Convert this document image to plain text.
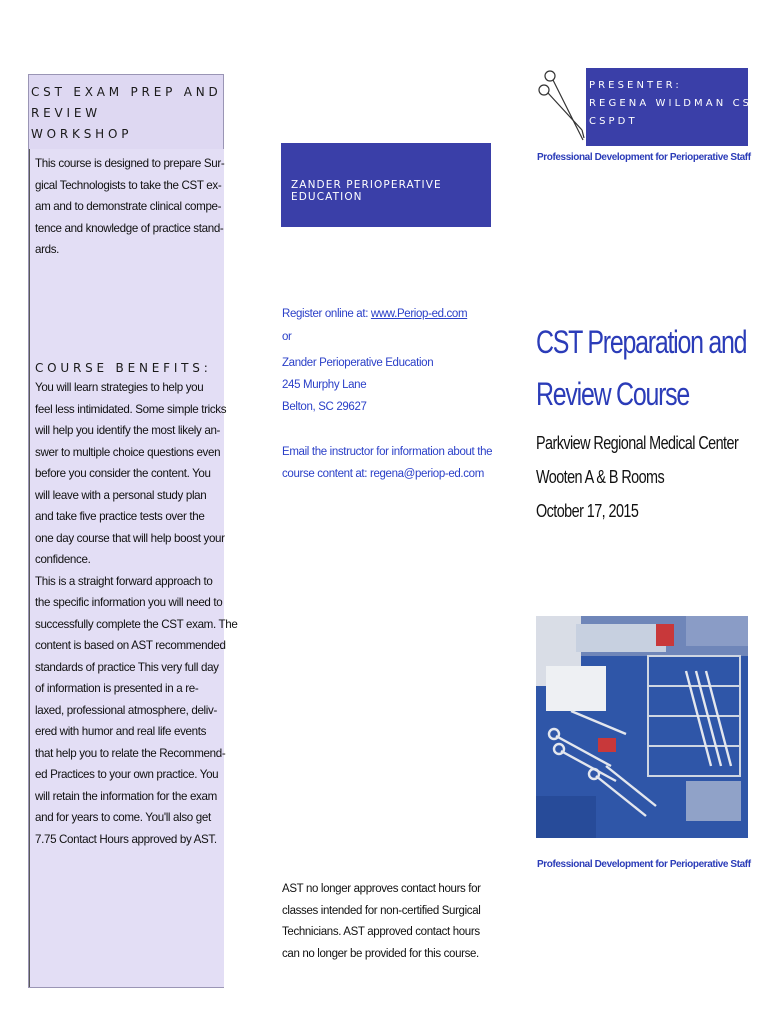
CST EXAM PREP AND
REVIEW
WORKSHOP
This course is designed to prepare Sur-
gical Technologists to take the CST ex-
am and to demonstrate clinical compe-
tence and knowledge of practice stand-
ards.
COURSE BENEFITS:
You will learn strategies to help you
feel less intimidated. Some simple tricks
will help you identify the most likely an-
swer to multiple choice questions even
before you consider the content. You
will leave with a personal study plan
and take five practice tests over the
one day course that will help boost your
confidence.
This is a straight forward approach to
the specific information you will need to
successfully complete the CST exam. The
content is based on AST recommended
standards of practice This very full day
of information is presented in a re-
laxed, professional atmosphere, deliv-
ered with humor and real life events
that help you to relate the Recommend-
ed Practices to your own practice. You
will retain the information for the exam
and for years to come. You'll also get
7.75 Contact Hours approved by AST.
ZANDER PERIOPERATIVE EDUCATION
Register online at: www.Periop-ed.com
or
Zander Perioperative Education
245 Murphy Lane
Belton, SC 29627
Email the instructor for information about the
course content at: regena@periop-ed.com
AST no longer approves contact hours for
classes intended for non-certified Surgical
Technicians. AST approved contact hours
can no longer be provided for this course.
PRESENTER:
REGENA WILDMAN CST,
CSPDT
Professional Development for Perioperative Staff
CST Preparation and
Review Course
Parkview Regional Medical Center
Wooten A & B Rooms
October 17, 2015
Professional Development for Perioperative Staff
